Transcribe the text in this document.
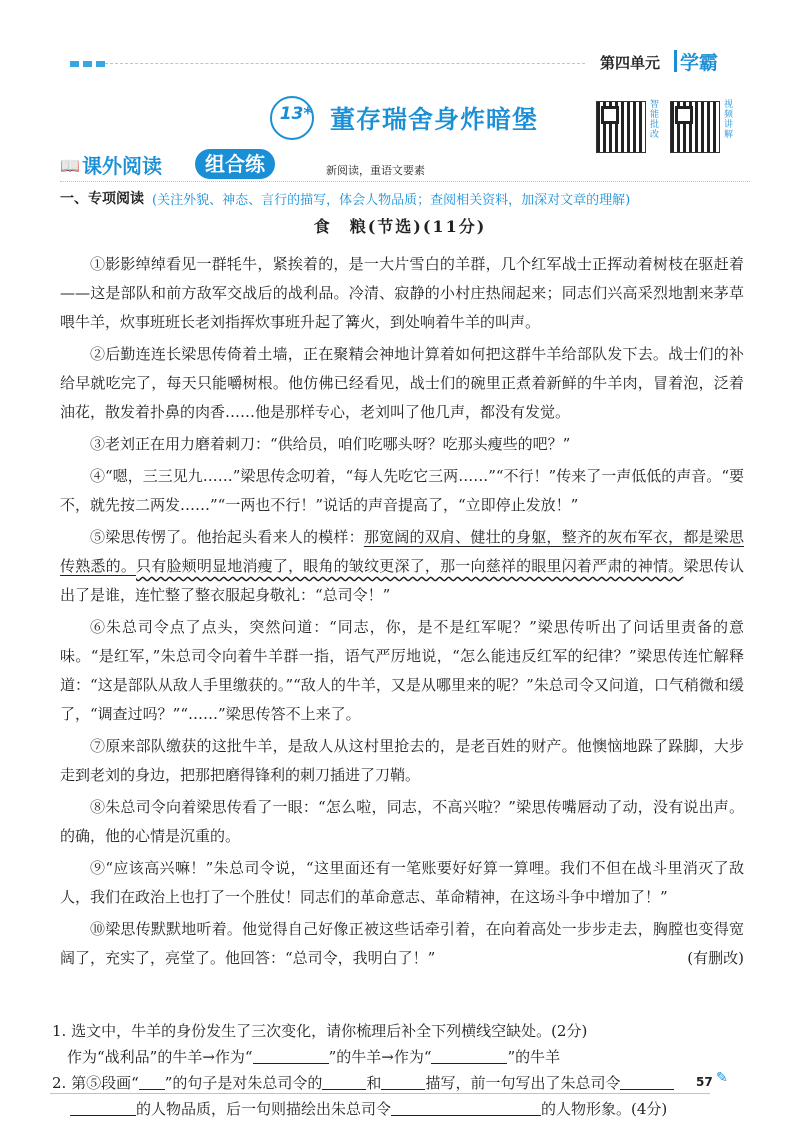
第四单元 学霸
13* 董存瑞舍身炸暗堡	智能批改
视频讲解
📖 课外阅读	组合练	新阅读，重语文要素
一、专项阅读 (关注外貌、神态、言行的描写，体会人物品质；查阅相关资料，加深对文章的理解)
食　粮(节选)(11分)

①影影绰绰看见一群牦牛，紧挨着的，是一大片雪白的羊群，几个红军战士正挥动着树枝在驱赶着——这是部队和前方敌军交战后的战利品。冷清、寂静的小村庄热闹起来；同志们兴高采烈地割来茅草喂牛羊，炊事班班长老刘指挥炊事班升起了篝火，到处响着牛羊的叫声。

②后勤连连长梁思传倚着土墙，正在聚精会神地计算着如何把这群牛羊给部队发下去。战士们的补给早就吃完了，每天只能嚼树根。他仿佛已经看见，战士们的碗里正煮着新鲜的牛羊肉，冒着泡，泛着油花，散发着扑鼻的肉香……他是那样专心，老刘叫了他几声，都没有发觉。

③老刘正在用力磨着刺刀：“供给员，咱们吃哪头呀？吃那头瘦些的吧？”

④“嗯，三三见九……”梁思传念叨着，“每人先吃它三两……”“不行！”传来了一声低低的声音。“要不，就先按二两发……”“一两也不行！”说话的声音提高了，“立即停止发放！”

⑤梁思传愣了。他抬起头看来人的模样：那宽阔的双肩、健壮的身躯，整齐的灰布军衣，都是梁思传熟悉的。只有脸颊明显地消瘦了，眼角的皱纹更深了，那一向慈祥的眼里闪着严肃的神情。梁思传认出了是谁，连忙整了整衣服起身敬礼：“总司令！”

⑥朱总司令点了点头，突然问道：“同志，你，是不是红军呢？”梁思传听出了问话里责备的意味。“是红军，”朱总司令向着牛羊群一指，语气严厉地说，“怎么能违反红军的纪律？”梁思传连忙解释道：“这是部队从敌人手里缴获的。”“敌人的牛羊，又是从哪里来的呢？”朱总司令又问道，口气稍微和缓了，“调查过吗？”“……”梁思传答不上来了。

⑦原来部队缴获的这批牛羊，是敌人从这村里抢去的，是老百姓的财产。他懊恼地跺了跺脚，大步走到老刘的身边，把那把磨得锋利的刺刀插进了刀鞘。

⑧朱总司令向着梁思传看了一眼：“怎么啦，同志，不高兴啦？”梁思传嘴唇动了动，没有说出声。的确，他的心情是沉重的。

⑨“应该高兴嘛！”朱总司令说，“这里面还有一笔账要好好算一算哩。我们不但在战斗里消灭了敌人，我们在政治上也打了一个胜仗！同志们的革命意志、革命精神，在这场斗争中增加了！”

⑩梁思传默默地听着。他觉得自己好像正被这些话牵引着，在向着高处一步步走去，胸膛也变得宽阔了，充实了，亮堂了。他回答：“总司令，我明白了！”	(有删改)

1. 选文中，牛羊的身份发生了三次变化，请你梳理后补全下列横线空缺处。(2分)

作为“战利品”的牛羊→作为“	”的牛羊→作为“	”的牛羊

2. 第⑤段画“ ”的句子是对朱总司令的	和	描写，前一句写出了朱总司令

的人物品质，后一句则描绘出朱总司令	的人物形象。(4分)

57 ✎
